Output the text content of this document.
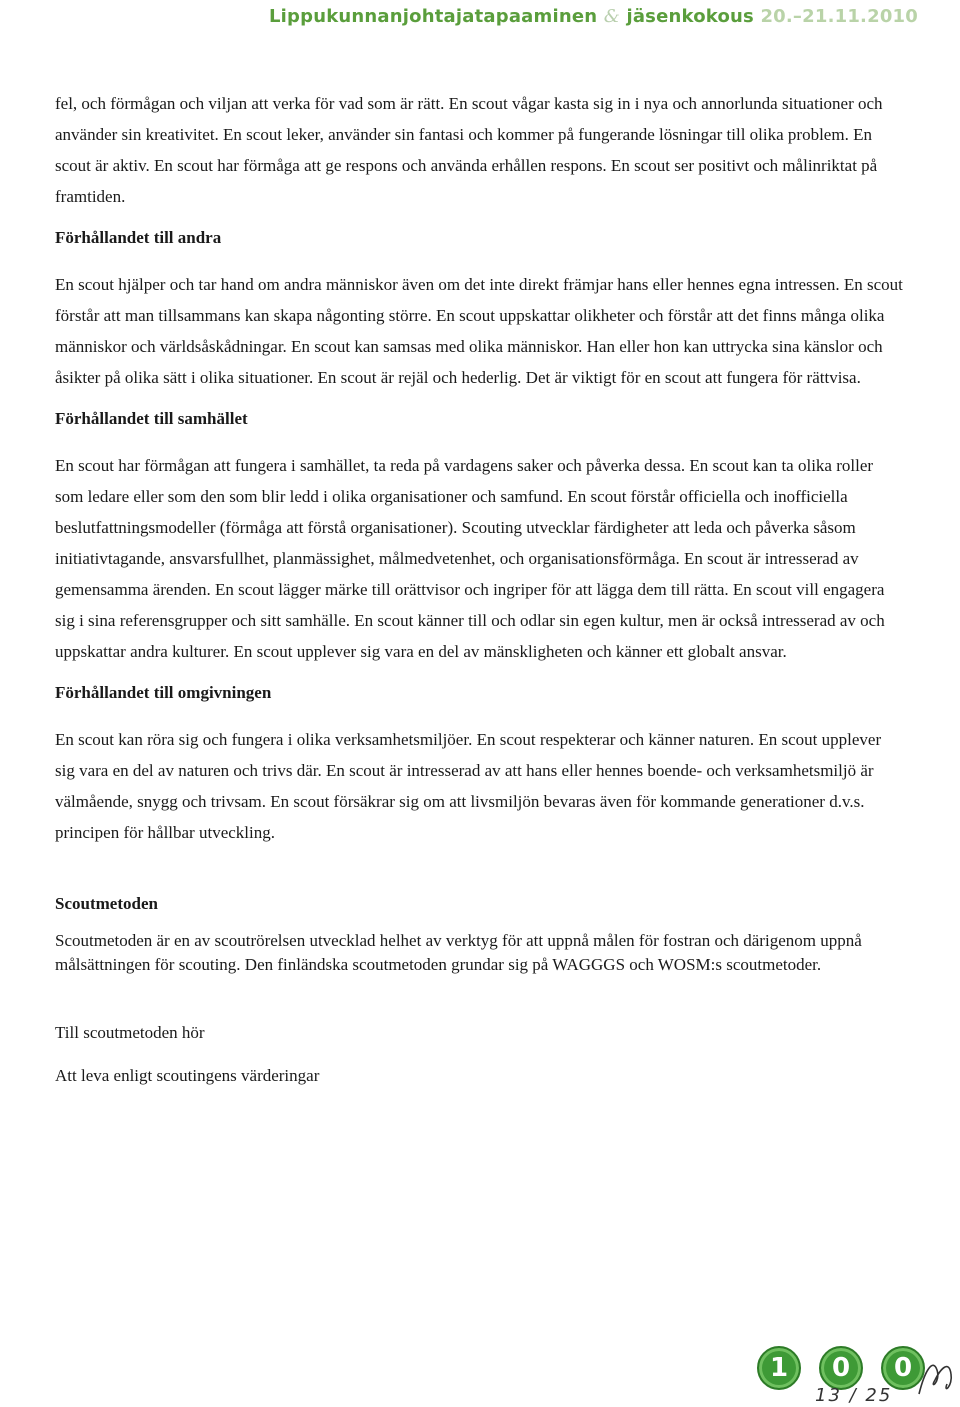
Lippukunnanjohtajatapaaminen & jäsenkokous 20.–21.11.2010

fel, och förmågan och viljan att verka för vad som är rätt. En scout vågar kasta sig in i nya och annorlunda situationer och använder sin kreativitet. En scout leker, använder sin fantasi och kommer på fungerande lösningar till olika problem. En scout är aktiv. En scout har förmåga att ge respons och använda erhållen respons. En scout ser positivt och målinriktat på framtiden.

Förhållandet till andra

En scout hjälper och tar hand om andra människor även om det inte direkt främjar hans eller hennes egna intressen. En scout förstår att man tillsammans kan skapa någonting större. En scout uppskattar olikheter och förstår att det finns många olika människor och världsåskådningar. En scout kan samsas med olika människor. Han eller hon kan uttrycka sina känslor och åsikter på olika sätt i olika situationer. En scout är rejäl och hederlig. Det är viktigt för en scout att fungera för rättvisa.

Förhållandet till samhället

En scout har förmågan att fungera i samhället, ta reda på vardagens saker och påverka dessa. En scout kan ta olika roller som ledare eller som den som blir ledd i olika organisationer och samfund. En scout förstår officiella och inofficiella beslutfattningsmodeller (förmåga att förstå organisationer). Scouting utvecklar färdigheter att leda och påverka såsom initiativtagande, ansvarsfullhet, planmässighet, målmedvetenhet, och organisationsförmåga. En scout är intresserad av gemensamma ärenden. En scout lägger märke till orättvisor och ingriper för att lägga dem till rätta. En scout vill engagera sig i sina referensgrupper och sitt samhälle. En scout känner till och odlar sin egen kultur, men är också intresserad av och uppskattar andra kulturer. En scout upplever sig vara en del av mänskligheten och känner ett globalt ansvar.

Förhållandet till omgivningen

En scout kan röra sig och fungera i olika verksamhetsmiljöer. En scout respekterar och känner naturen. En scout upplever sig vara en del av naturen och trivs där. En scout är intresserad av att hans eller hennes boende- och verksamhetsmiljö är välmående, snygg och trivsam. En scout försäkrar sig om att livsmiljön bevaras även för kommande generationer d.v.s. principen för hållbar utveckling.

Scoutmetoden

Scoutmetoden är en av scoutrörelsen utvecklad helhet av verktyg för att uppnå målen för fostran och därigenom uppnå målsättningen för scouting. Den finländska scoutmetoden grundar sig på WAGGGS och WOSM:s scoutmetoder.

Till scoutmetoden hör

Att leva enligt scoutingens värderingar

1	0	0
13 / 25
